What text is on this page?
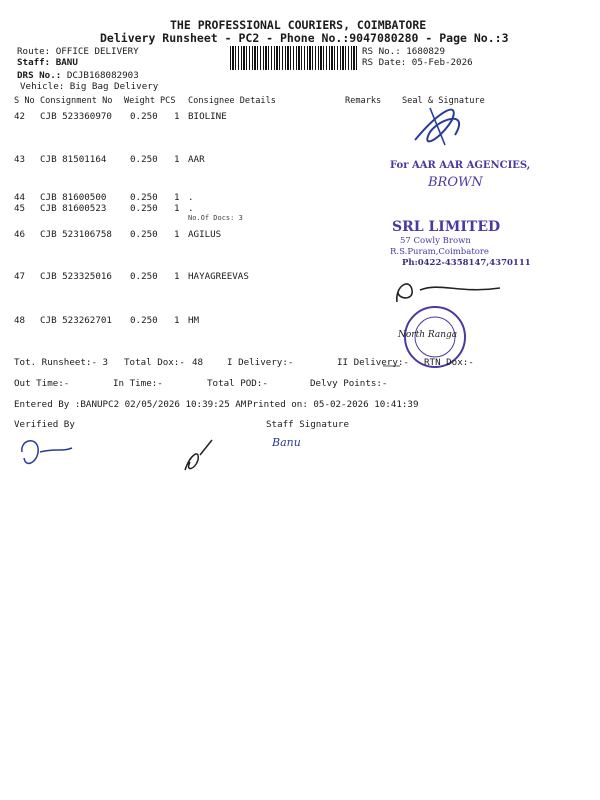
THE PROFESSIONAL COURIERS, COIMBATORE
Delivery Runsheet - PC2 - Phone No.:9047080280 - Page No.:3
Route: OFFICE DELIVERY
Staff: BANU
DRS No.: DCJB168082903
Vehicle: Big Bag Delivery
RS No.: 1680829
RS Date: 05-Feb-2026
S No Consignment No Weight PCS Consignee Details	Remarks Seal & Signature
42 CJB 523360970 0.250 1 BIOLINE
43 CJB 81501164	0.250 1 AAR
44 CJB 81600500	0.250 1 .
45 CJB 81600523	0.250 1 .
No.Of Docs: 3
46 CJB 523106758 0.250 1 AGILUS
47 CJB 523325016 0.250 1 HAYAGREEVAS
48 CJB 523262701 0.250 1 HM
For AAR AAR AGENCIES,
BROWN
SRL LIMITED
57 Cowly Brown
R.S.Puram,Coimbatore
Ph:0422-4358147,4370111
North Ranga
Banu
Tot. Runsheet:- 3 Total Dox:- 48	I Delivery:-	II Delivery:- RTN Dox:-
Out Time:-	In Time:-	Total POD:-	Delvy Points:-
Entered By :BANUPC2 02/05/2026 10:39:25 AM Printed on: 05-02-2026 10:41:39
Verified By	Staff Signature
